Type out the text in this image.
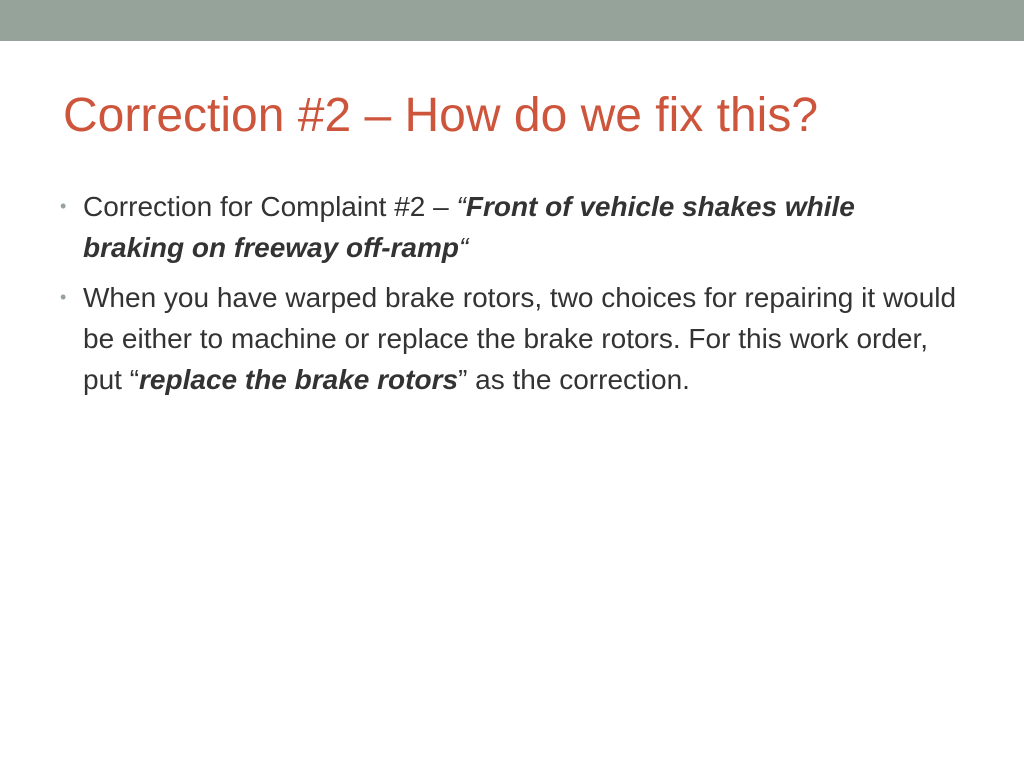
Correction #2 – How do we fix this?
• Correction for Complaint #2 – “Front of vehicle shakes while braking on freeway off-ramp“
• When you have warped brake rotors, two choices for repairing it would be either to machine or replace the brake rotors. For this work order, put “replace the brake rotors” as the correction.
